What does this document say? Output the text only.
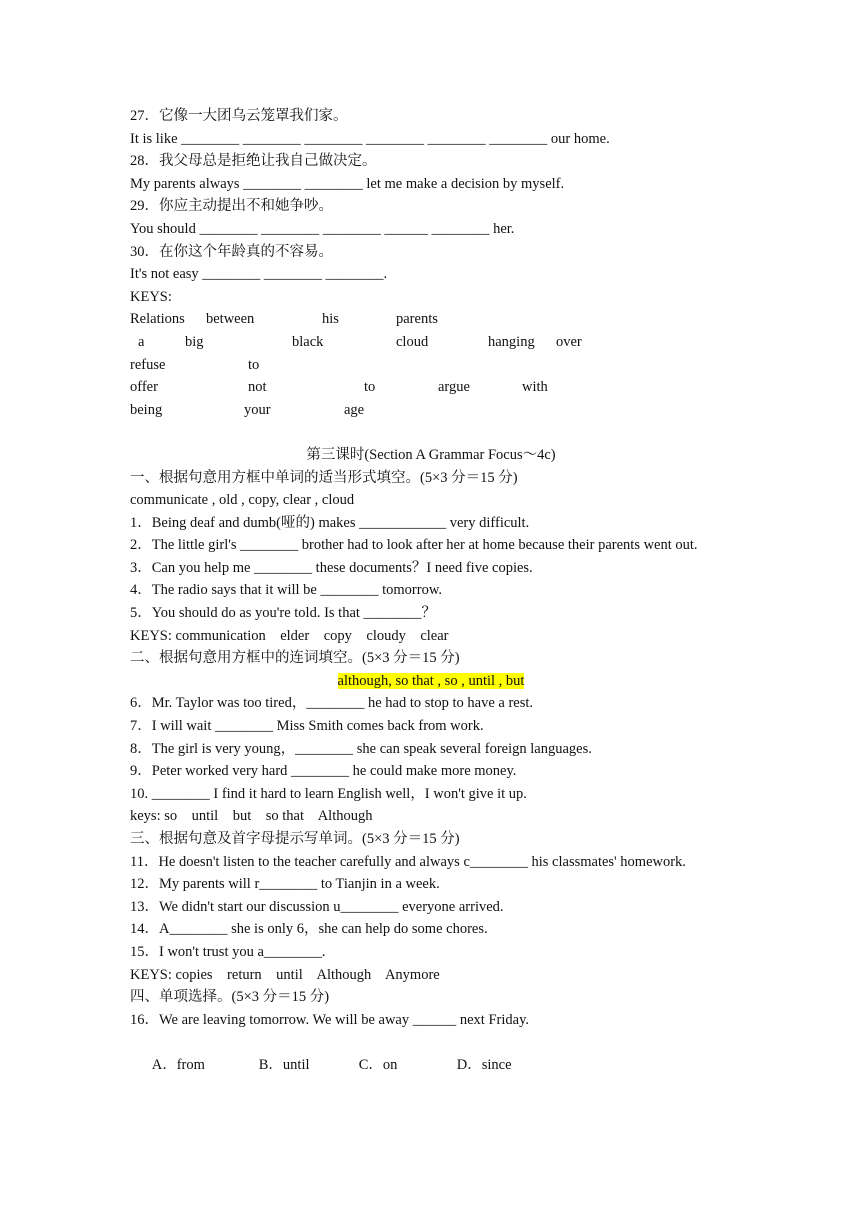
27．它像一大团乌云笼罩我们家。
It is like ________ ________ ________ ________ ________ ________ our home.
28．我父母总是拒绝让我自己做决定。
My parents always ________ ________ let me make a decision by myself.
29．你应主动提出不和她争吵。
You should ________ ________ ________ ______ ________ her.
30．在你这个年龄真的不容易。
It's not easy ________ ________ ________.
KEYS:
Relations between	his	parents
a	big	black	cloud	hanging over
refuse	to
offer	not	to	argue	with
being	your	age
第三课时(Section A Grammar Focus～4c)
一、根据句意用方框中单词的适当形式填空。(5×3 分＝15 分)
communicate , old , copy, clear , cloud
1．Being deaf and dumb(哑的) makes ____________ very difficult.
2．The little girl's ________ brother had to look after her at home because their parents went out.
3．Can you help me ________ these documents？I need five copies.
4．The radio says that it will be ________ tomorrow.
5．You should do as you're told. Is that ________？
KEYS: communication    elder    copy    cloudy    clear
二、根据句意用方框中的连词填空。(5×3 分＝15 分)
although, so that , so , until , but
6．Mr. Taylor was too tired，________ he had to stop to have a rest.
7．I will wait ________ Miss Smith comes back from work.
8．The girl is very young，________ she can speak several foreign languages.
9．Peter worked very hard ________ he could make more money.
10. ________ I find it hard to learn English well，I won't give it up.
keys: so    until    but    so that    Although
三、根据句意及首字母提示写单词。(5×3 分＝15 分)
11．He doesn't listen to the teacher carefully and always c________ his classmates' homework.
12．My parents will r________ to Tianjin in a week.
13．We didn't start our discussion u________ everyone arrived.
14．A________ she is only 6，she can help do some chores.
15．I won't trust you a________.
KEYS: copies    return    until    Although    Anymore
四、单项选择。(5×3 分＝15 分)
16．We are leaving tomorrow. We will be away ______ next Friday.

A．from	B．until	C．on	D．since
